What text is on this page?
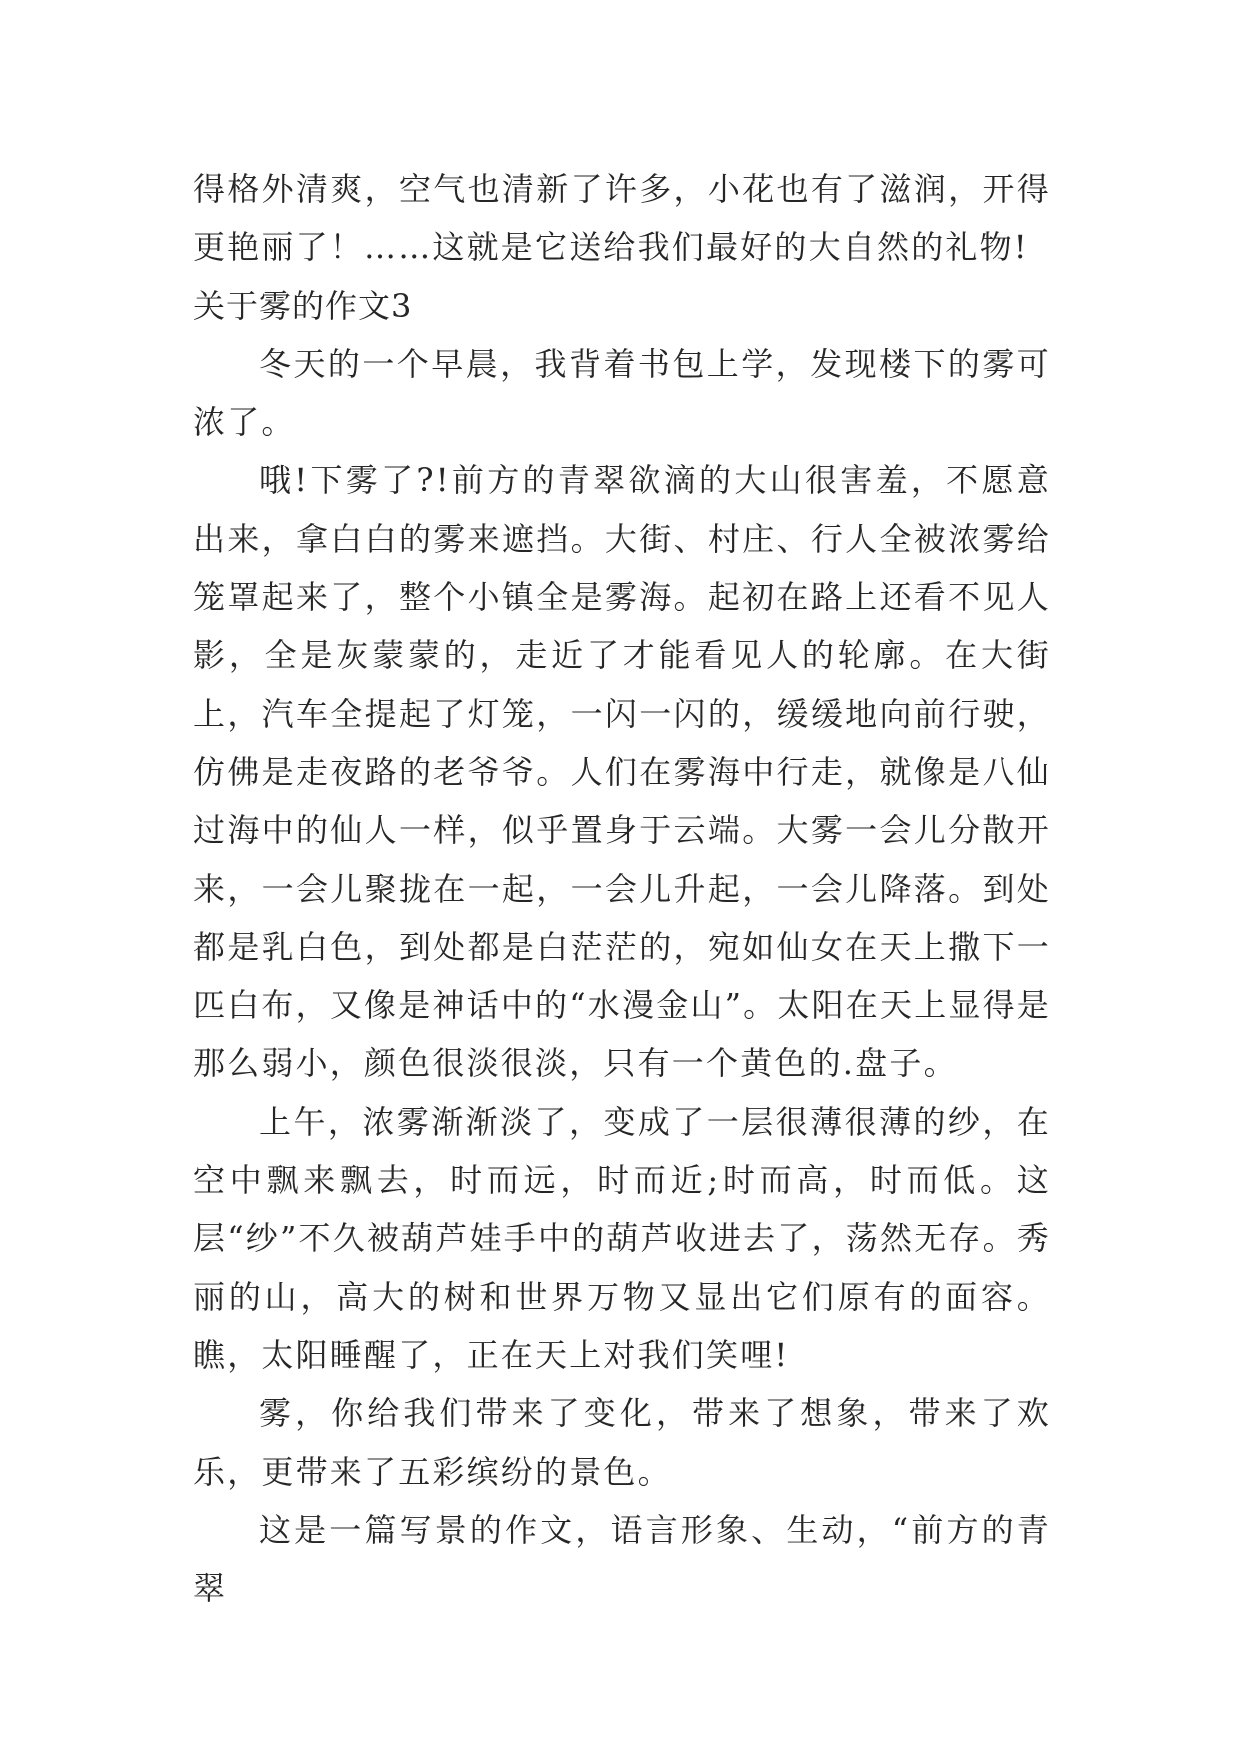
得格外清爽，空气也清新了许多，小花也有了滋润，开得更艳丽了！……这就是它送给我们最好的大自然的礼物!

关于雾的作文3

冬天的一个早晨，我背着书包上学，发现楼下的雾可浓了。

哦!下雾了?!前方的青翠欲滴的大山很害羞，不愿意出来，拿白白的雾来遮挡。大街、村庄、行人全被浓雾给笼罩起来了，整个小镇全是雾海。起初在路上还看不见人影，全是灰蒙蒙的，走近了才能看见人的轮廓。在大街上，汽车全提起了灯笼，一闪一闪的，缓缓地向前行驶，仿佛是走夜路的老爷爷。人们在雾海中行走，就像是八仙过海中的仙人一样，似乎置身于云端。大雾一会儿分散开来，一会儿聚拢在一起，一会儿升起，一会儿降落。到处都是乳白色，到处都是白茫茫的，宛如仙女在天上撒下一匹白布，又像是神话中的“水漫金山”。太阳在天上显得是那么弱小，颜色很淡很淡，只有一个黄色的.盘子。

上午，浓雾渐渐淡了，变成了一层很薄很薄的纱，在空中飘来飘去，时而远，时而近;时而高，时而低。这层“纱”不久被葫芦娃手中的葫芦收进去了，荡然无存。秀丽的山，高大的树和世界万物又显出它们原有的面容。瞧，太阳睡醒了，正在天上对我们笑哩!

雾，你给我们带来了变化，带来了想象，带来了欢乐，更带来了五彩缤纷的景色。

这是一篇写景的作文，语言形象、生动，“前方的青翠
